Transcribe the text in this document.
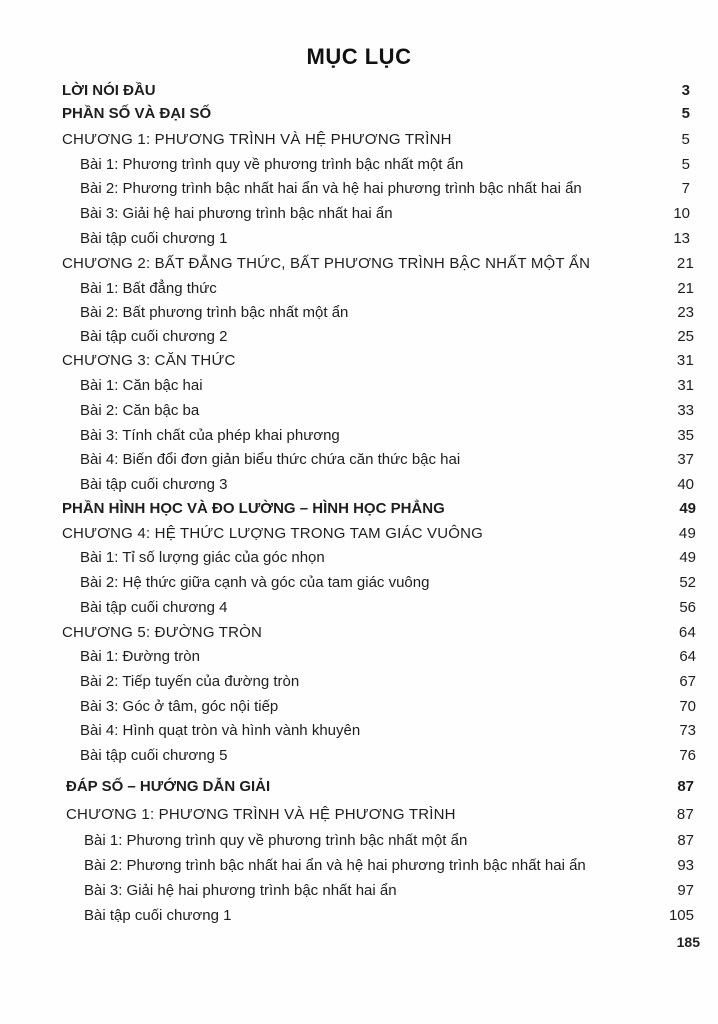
MỤC LỤC
LỜI NÓI ĐẦU	3
PHẦN SỐ VÀ ĐẠI SỐ	5
CHƯƠNG 1: PHƯƠNG TRÌNH VÀ HỆ PHƯƠNG TRÌNH	5
Bài 1: Phương trình quy về phương trình bậc nhất một ẩn	5
Bài 2: Phương trình bậc nhất hai ẩn và hệ hai phương trình bậc nhất hai ẩn	7
Bài 3: Giải hệ hai phương trình bậc nhất hai ẩn	10
Bài tập cuối chương 1	13
CHƯƠNG 2: BẤT ĐẲNG THỨC, BẤT PHƯƠNG TRÌNH BẬC NHẤT MỘT ẨN	21
Bài 1: Bất đẳng thức	21
Bài 2: Bất phương trình bậc nhất một ẩn	23
Bài tập cuối chương 2	25
CHƯƠNG 3: CĂN THỨC	31
Bài 1: Căn bậc hai	31
Bài 2: Căn bậc ba	33
Bài 3: Tính chất của phép khai phương	35
Bài 4: Biến đổi đơn giản biểu thức chứa căn thức bậc hai	37
Bài tập cuối chương 3	40
PHẦN HÌNH HỌC VÀ ĐO LƯỜNG – HÌNH HỌC PHẲNG	49
CHƯƠNG 4: HỆ THỨC LƯỢNG TRONG TAM GIÁC VUÔNG	49
Bài 1: Tỉ số lượng giác của góc nhọn	49
Bài 2: Hệ thức giữa cạnh và góc của tam giác vuông	52
Bài tập cuối chương 4	56
CHƯƠNG 5: ĐƯỜNG TRÒN	64
Bài 1: Đường tròn	64
Bài 2: Tiếp tuyến của đường tròn	67
Bài 3: Góc ở tâm, góc nội tiếp	70
Bài 4: Hình quạt tròn và hình vành khuyên	73
Bài tập cuối chương 5	76
ĐÁP SỐ – HƯỚNG DẪN GIẢI	87
CHƯƠNG 1: PHƯƠNG TRÌNH VÀ HỆ PHƯƠNG TRÌNH	87
Bài 1: Phương trình quy về phương trình bậc nhất một ẩn	87
Bài 2: Phương trình bậc nhất hai ẩn và hệ hai phương trình bậc nhất hai ẩn	93
Bài 3: Giải hệ hai phương trình bậc nhất hai ẩn	97
Bài tập cuối chương 1	105
185
